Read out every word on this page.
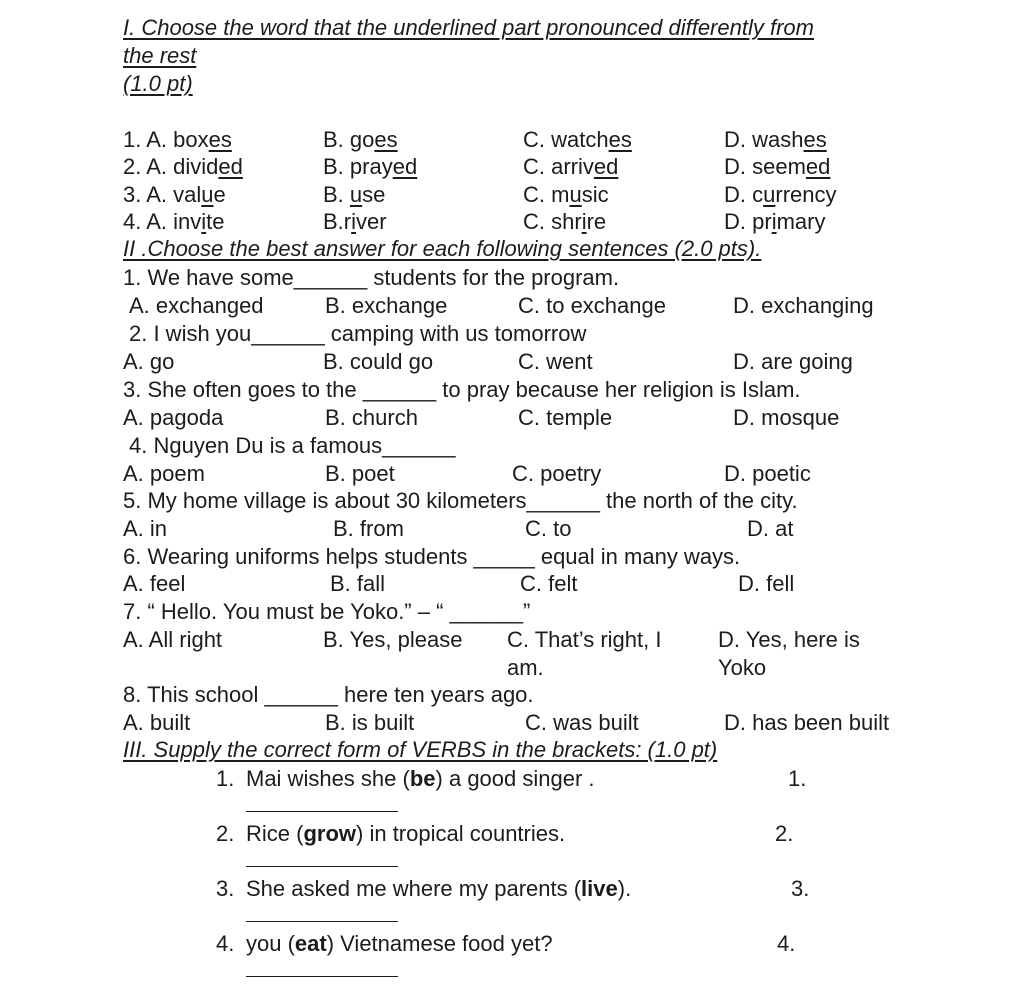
I. Choose the word that the underlined part pronounced differently from
the rest
(1.0 pt)
1. A. boxes	B. goes	C. watches	D. washes
2. A. divided	B. prayed	C. arrived	D. seemed
3. A. value	B. use	C. music	D. currency
4. A. invite	B.river	C. shrire	D. primary
II .Choose the best answer for each following sentences (2.0 pts).
1. We have some______ students for the program.
A. exchanged	B. exchange	C. to exchange	D. exchanging
2. I wish you______ camping with us tomorrow
A. go	B. could go	C. went	D. are going
3. She often goes to the ______ to pray because her religion is Islam.
A. pagoda	B. church	C. temple	D. mosque
4. Nguyen Du is a famous______
A. poem	B. poet	C. poetry	D. poetic
5. My home village is about 30 kilometers______ the north of the city.
A. in	B. from	C. to	D. at
6. Wearing uniforms helps students _____ equal in many ways.
A. feel	B. fall	C. felt	D. fell
7. “ Hello. You must be Yoko.” – “ ______”
A. All right	B. Yes, please C. That’s right, I
am.
D. Yes, here is
Yoko
8. This school ______ here ten years ago.
A. built	B. is built	C. was built	D. has been built
III. Supply the correct form of VERBS in the brackets: (1.0 pt)
1. Mai wishes she (be) a good singer .	1.
2. Rice (grow) in tropical countries.	2.
3. She asked me where my parents (live).	3.
4. you (eat) Vietnamese food yet?	4.
